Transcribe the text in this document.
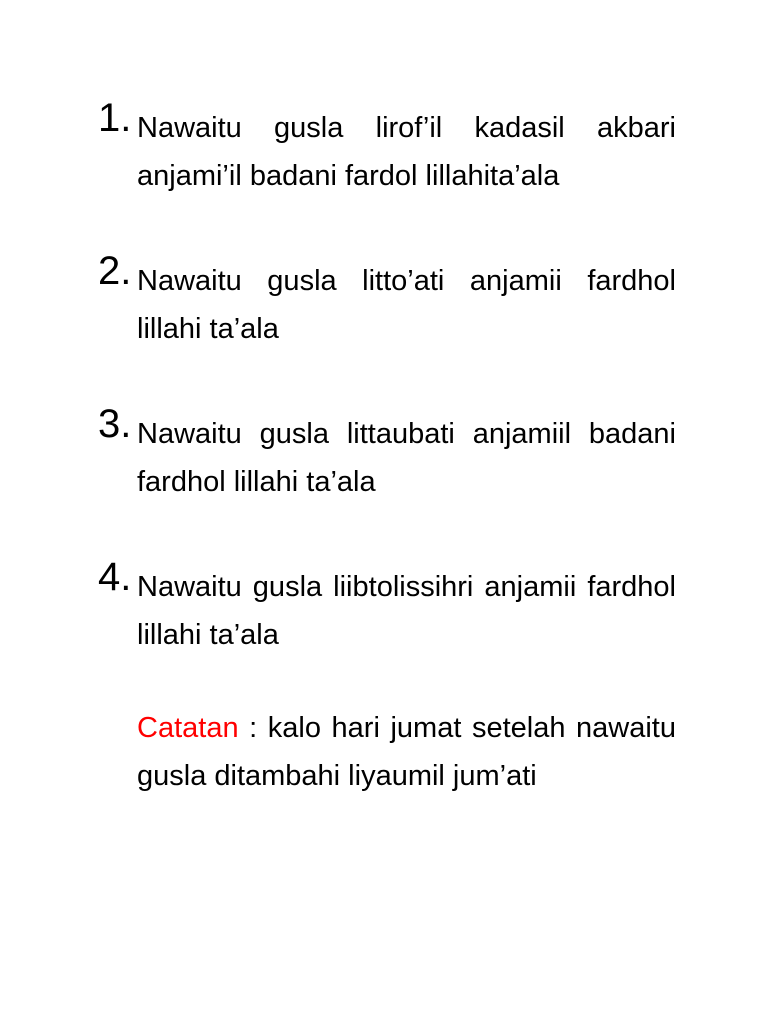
1. Nawaitu gusla lirof’il kadasil akbari anjami’il badani fardol lillahita’ala
2. Nawaitu gusla litto’ati anjamii fardhol lillahi ta’ala
3. Nawaitu gusla littaubati anjamiil badani fardhol lillahi ta’ala
4. Nawaitu gusla liibtolissihri anjamii fardhol lillahi ta’ala
Catatan : kalo hari jumat setelah nawaitu gusla ditambahi liyaumil jum’ati
